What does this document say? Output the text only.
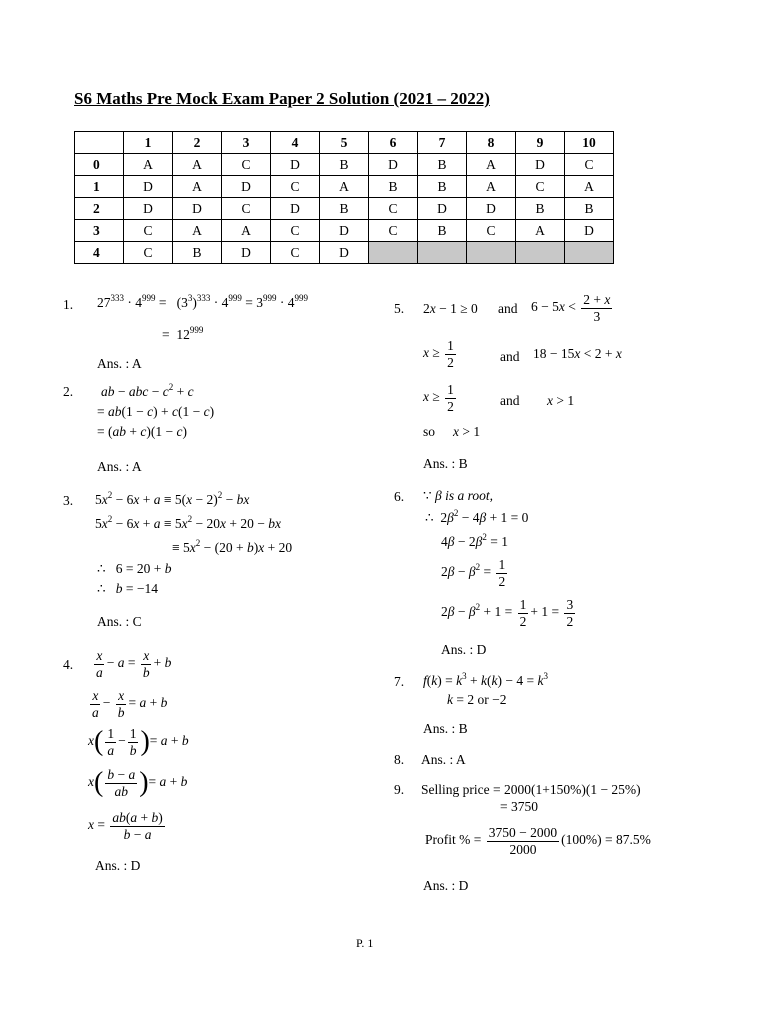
S6 Maths Pre Mock Exam Paper 2 Solution (2021 – 2022)
	1	2	3	4	5	6	7	8	9	10
0	A	A	C	D	B	D	B	A	D	C
1	D	A	D	C	A	B	B	A	C	A
2	D	D	C	D	B	C	D	D	B	B
3	C	A	A	C	D	C	B	C	A	D
4	C	B	D	C	D					
1. $27^{333} \cdot 4^{999} = (3^3)^{333} \cdot 4^{999} = 3^{999} \cdot 4^{999}$
=  $12^{999}$
Ans. : A
2. ab − abc − $c^2 + c$
= ab(1 − c) + c(1 − c)
= (ab + c)(1 − c)
Ans. : A
3. $5x^2 - 6x + a \equiv 5(x - 2)^2$ − bx
$5x^2 - 6x + a \equiv 5x^2 - 20x + 20$ − bx
≡ $5x^2 - (20 + b)x + 20$
∴   6 = 20 + b
∴   b = −14
Ans. : C
4. $\frac{x}{a} - a = \frac{x}{b} + b$
$\frac{x}{a} - \frac{x}{b} = a + b$
$x( \frac{1}{a} - \frac{1}{b}$ )= a + b
$x( \frac{b - a}{ab}$ )= a + b
$x = \frac{ab(a + b)}{b - a}$
Ans. : D
5. 2x − 1 ≥ 0 and $6 - 5x < \frac{2 + x}{3}$
$x \ge \frac{1}{2}$	and 18 − 15x < 2 + x
$x \ge \frac{1}{2}$	and x > 1
so x > 1
Ans. : B
6. ∵ β is a root,
∴  $2\beta^2 - 4\beta + 1 = 0$
$4\beta - 2\beta^2 = 1$
$2\beta - \beta^2 = \frac{1}{2}$
$2\beta - \beta^2 + 1 = \frac{1}{2} + 1 = \frac{3}{2}$
Ans. : D
7. $f(k) = k^3 + k(k) - 4 = k^3$
k = 2 or −2
Ans. : B
8. Ans. : A
9. Selling price = 2000(1+150%)(1 − 25%)
= 3750
Profit % = $\frac{3750 - 2000}{2000} (100\%) = 87.5\%$
Ans. : D
P. 1
